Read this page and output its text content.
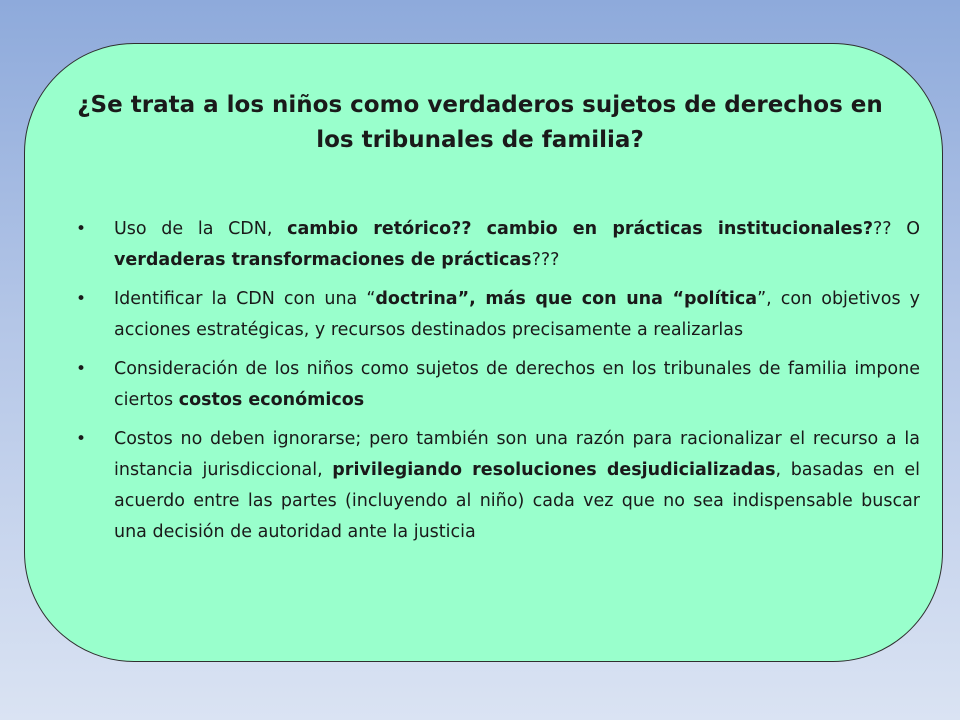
¿Se trata a los niños como verdaderos sujetos de derechos en los tribunales de familia?
• Uso de la CDN, cambio retórico?? cambio en prácticas institucionales??? O verdaderas transformaciones de prácticas???
• Identificar la CDN con una “doctrina”, más que con una “política”, con objetivos y acciones estratégicas, y recursos destinados precisamente a realizarlas
• Consideración de los niños como sujetos de derechos en los tribunales de familia impone ciertos costos económicos
• Costos no deben ignorarse; pero también son una razón para racionalizar el recurso a la instancia jurisdiccional, privilegiando resoluciones desjudicializadas, basadas en el acuerdo entre las partes (incluyendo al niño) cada vez que no sea indispensable buscar una decisión de autoridad ante la justicia
